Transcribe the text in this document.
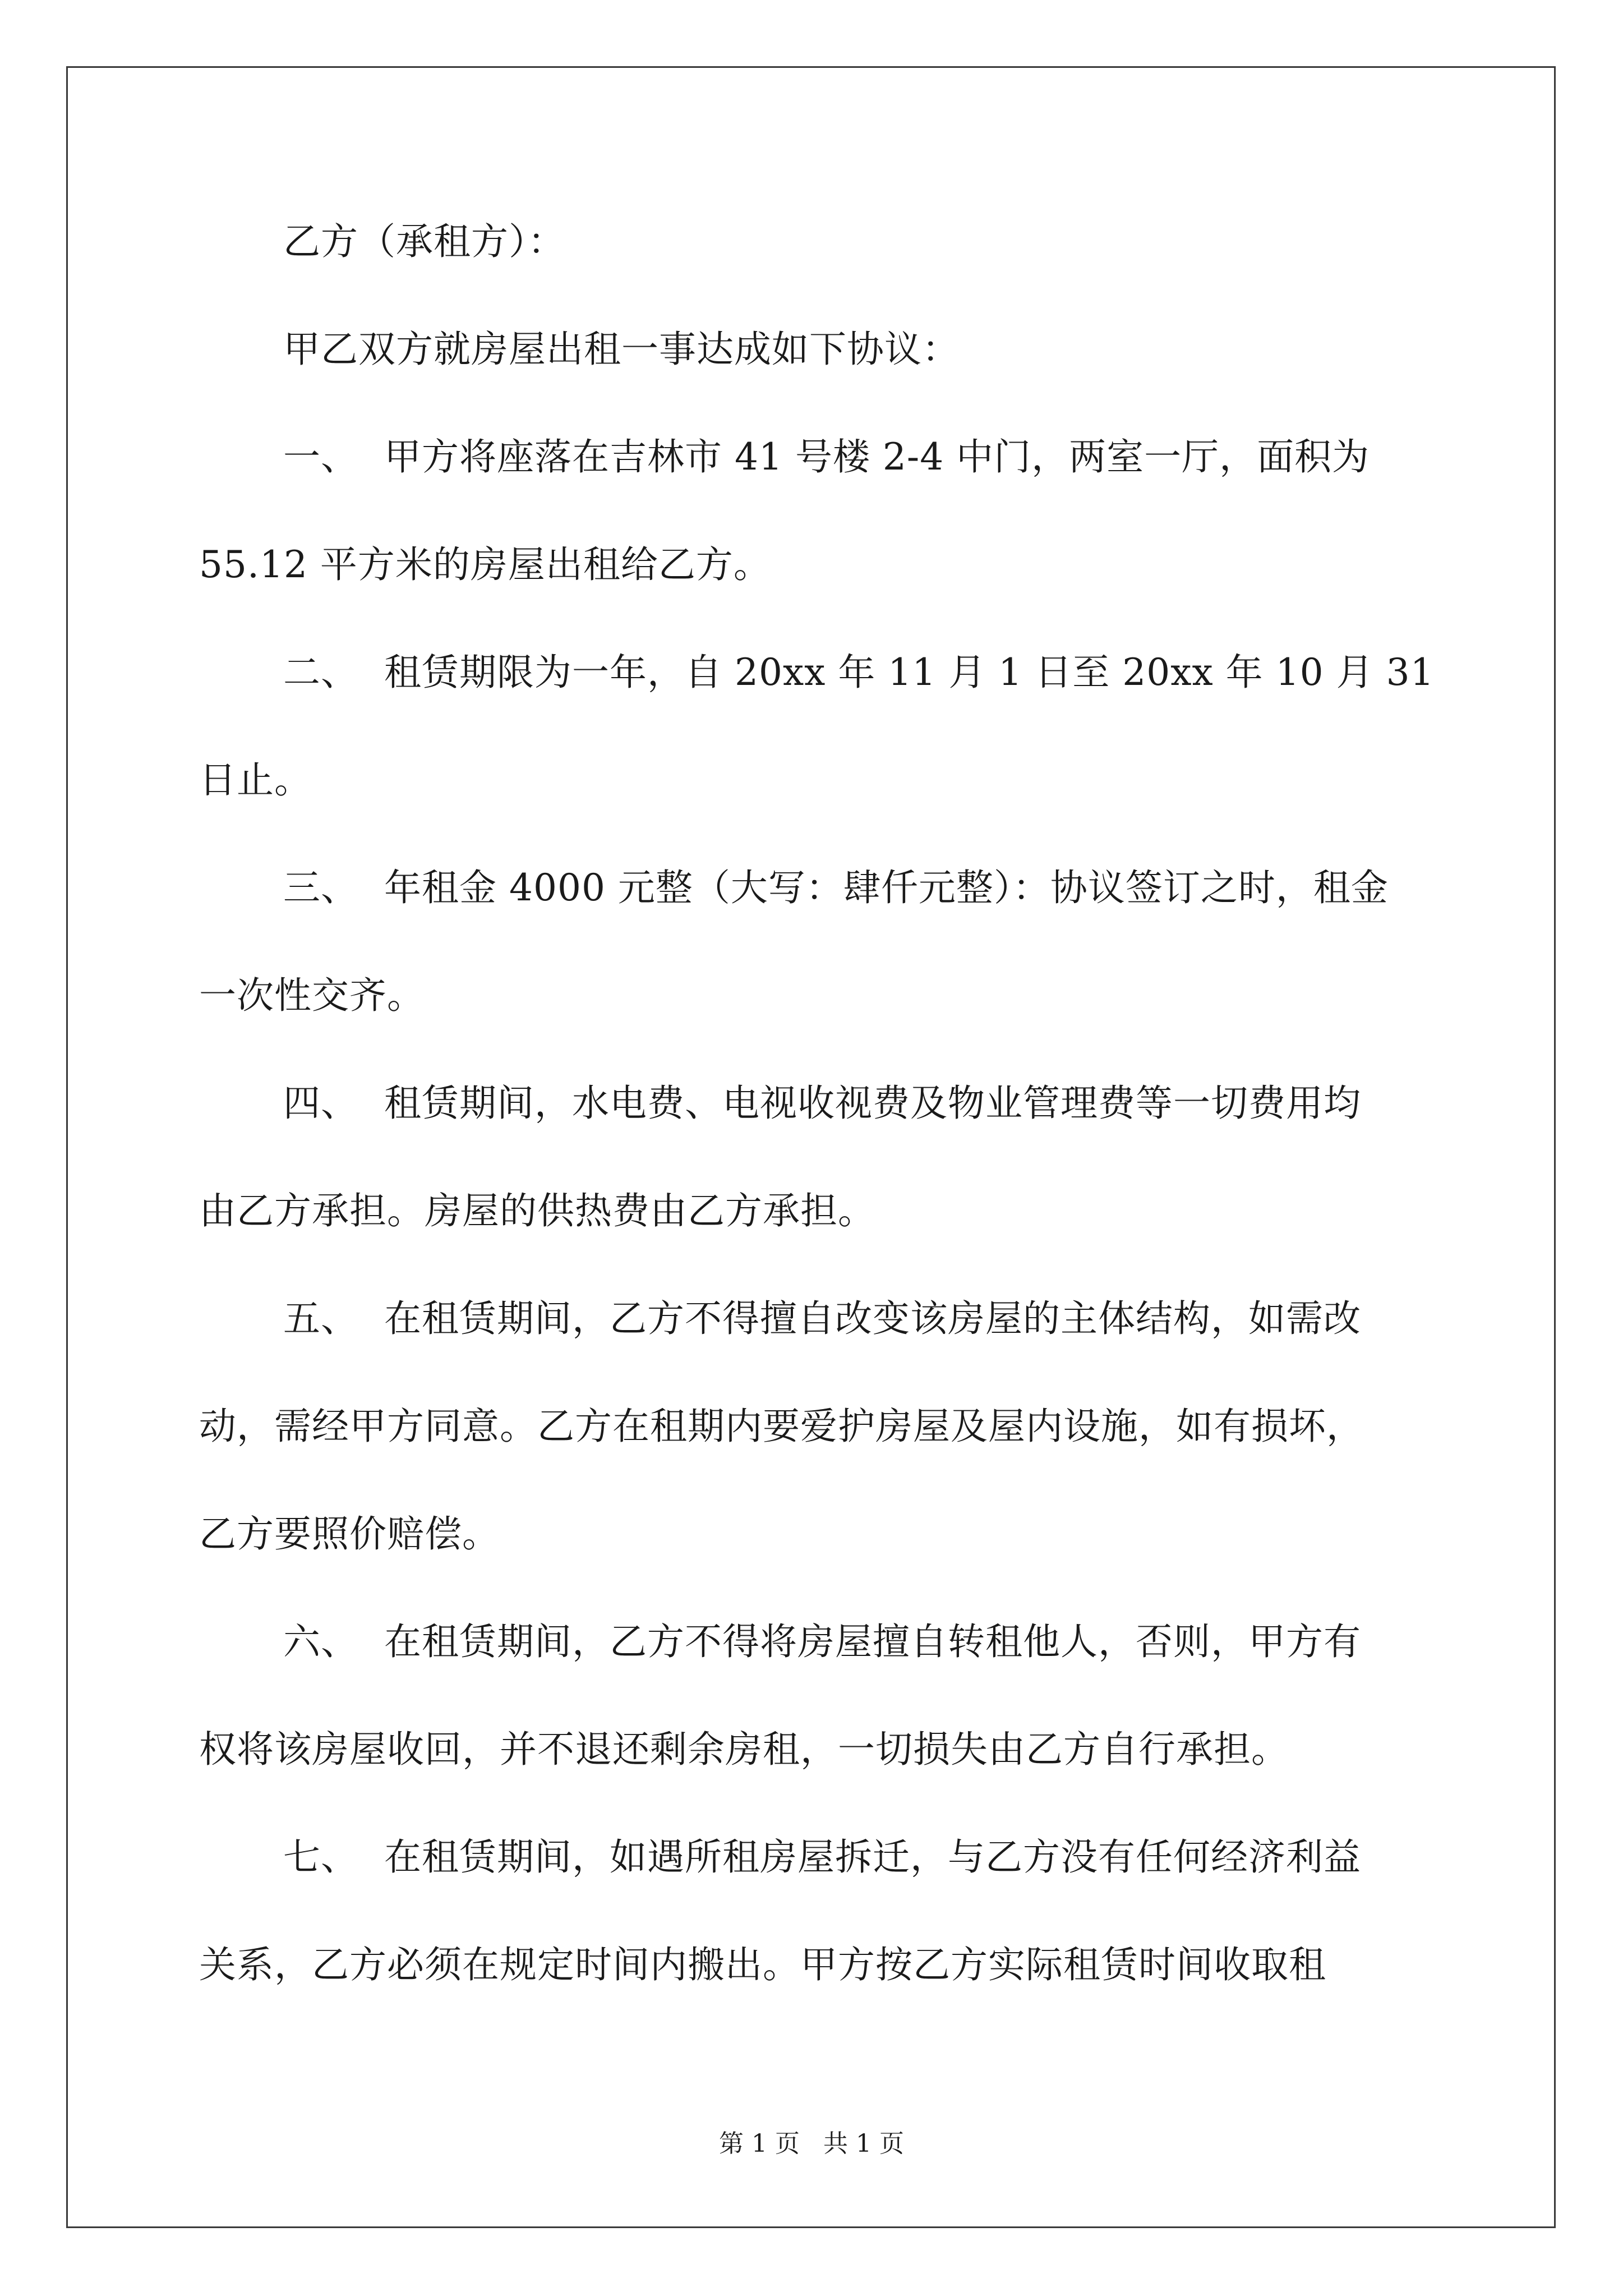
乙方（承租方）：

甲乙双方就房屋出租一事达成如下协议：

一、 甲方将座落在吉林市 41 号楼 2-4 中门，两室一厅，面积为

55.12 平方米的房屋出租给乙方。

二、 租赁期限为一年，自 20xx 年 11 月 1 日至 20xx 年 10 月 31

日止。

三、 年租金 4000 元整（大写：肆仟元整）：协议签订之时，租金

一次性交齐。

四、 租赁期间，水电费、电视收视费及物业管理费等一切费用均

由乙方承担。房屋的供热费由乙方承担。

五、 在租赁期间，乙方不得擅自改变该房屋的主体结构，如需改

动，需经甲方同意。乙方在租期内要爱护房屋及屋内设施，如有损坏，

乙方要照价赔偿。

六、 在租赁期间，乙方不得将房屋擅自转租他人，否则，甲方有

权将该房屋收回，并不退还剩余房租，一切损失由乙方自行承担。

七、 在租赁期间，如遇所租房屋拆迁，与乙方没有任何经济利益

关系，乙方必须在规定时间内搬出。甲方按乙方实际租赁时间收取租

第 1 页   共 1 页
